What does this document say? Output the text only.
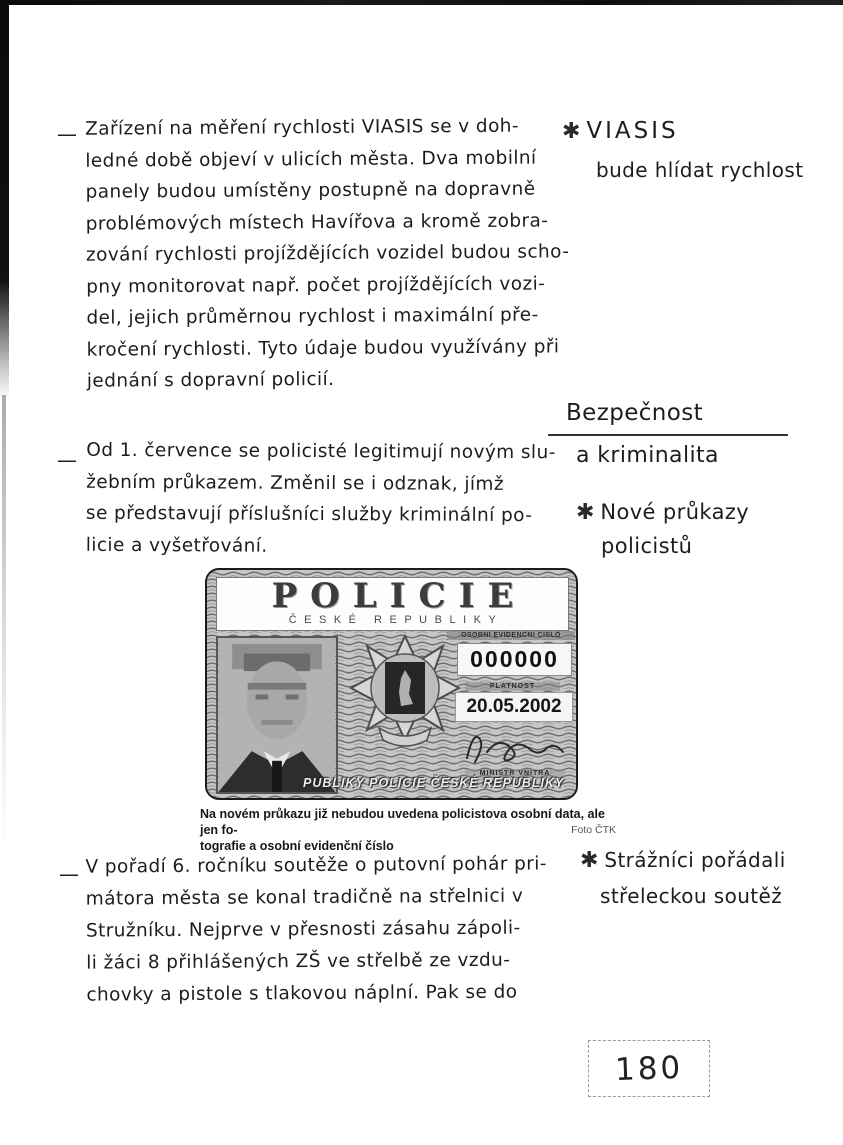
— Zařízení na měření rychlosti VIASIS se v doh-
ledné době objeví v ulicích města. Dva mobilní
panely budou umístěny postupně na dopravně
problémových místech Havířova a kromě zobra-
zování rychlosti projíždějících vozidel budou scho-
pny monitorovat např. počet projíždějících vozi-
del, jejich průměrnou rychlost i maximální pře-
kročení rychlosti. Tyto údaje budou využívány při
jednání s dopravní policií.
✱ VIASIS
bude hlídat rychlost
Bezpečnost
a kriminalita
— Od 1. července se policisté legitimují novým slu-
žebním průkazem. Změnil se i odznak, jímž
se představují příslušníci služby kriminální po-
licie a vyšetřování.
✱ Nové průkazy
policistů
POLICIE
ČESKÉ REPUBLIKY
OSOBNÍ EVIDENČNÍ ČÍSLO
000000
PLATNOST
20.05.2002
MINISTR VNITRA
PUBLIKY POLICIE ČESKÉ REPUBLIKY
Na novém průkazu již nebudou uvedena policistova osobní data, ale jen fo-
tografie a osobní evidenční číslo
Foto ČTK
— V pořadí 6. ročníku soutěže o putovní pohár pri-
mátora města se konal tradičně na střelnici v
Stružníku. Nejprve v přesnosti zásahu zápoli-
li žáci 8 přihlášených ZŠ ve střelbě ze vzdu-
chovky a pistole s tlakovou náplní. Pak se do
✱ Strážníci pořádali
střeleckou soutěž
180
